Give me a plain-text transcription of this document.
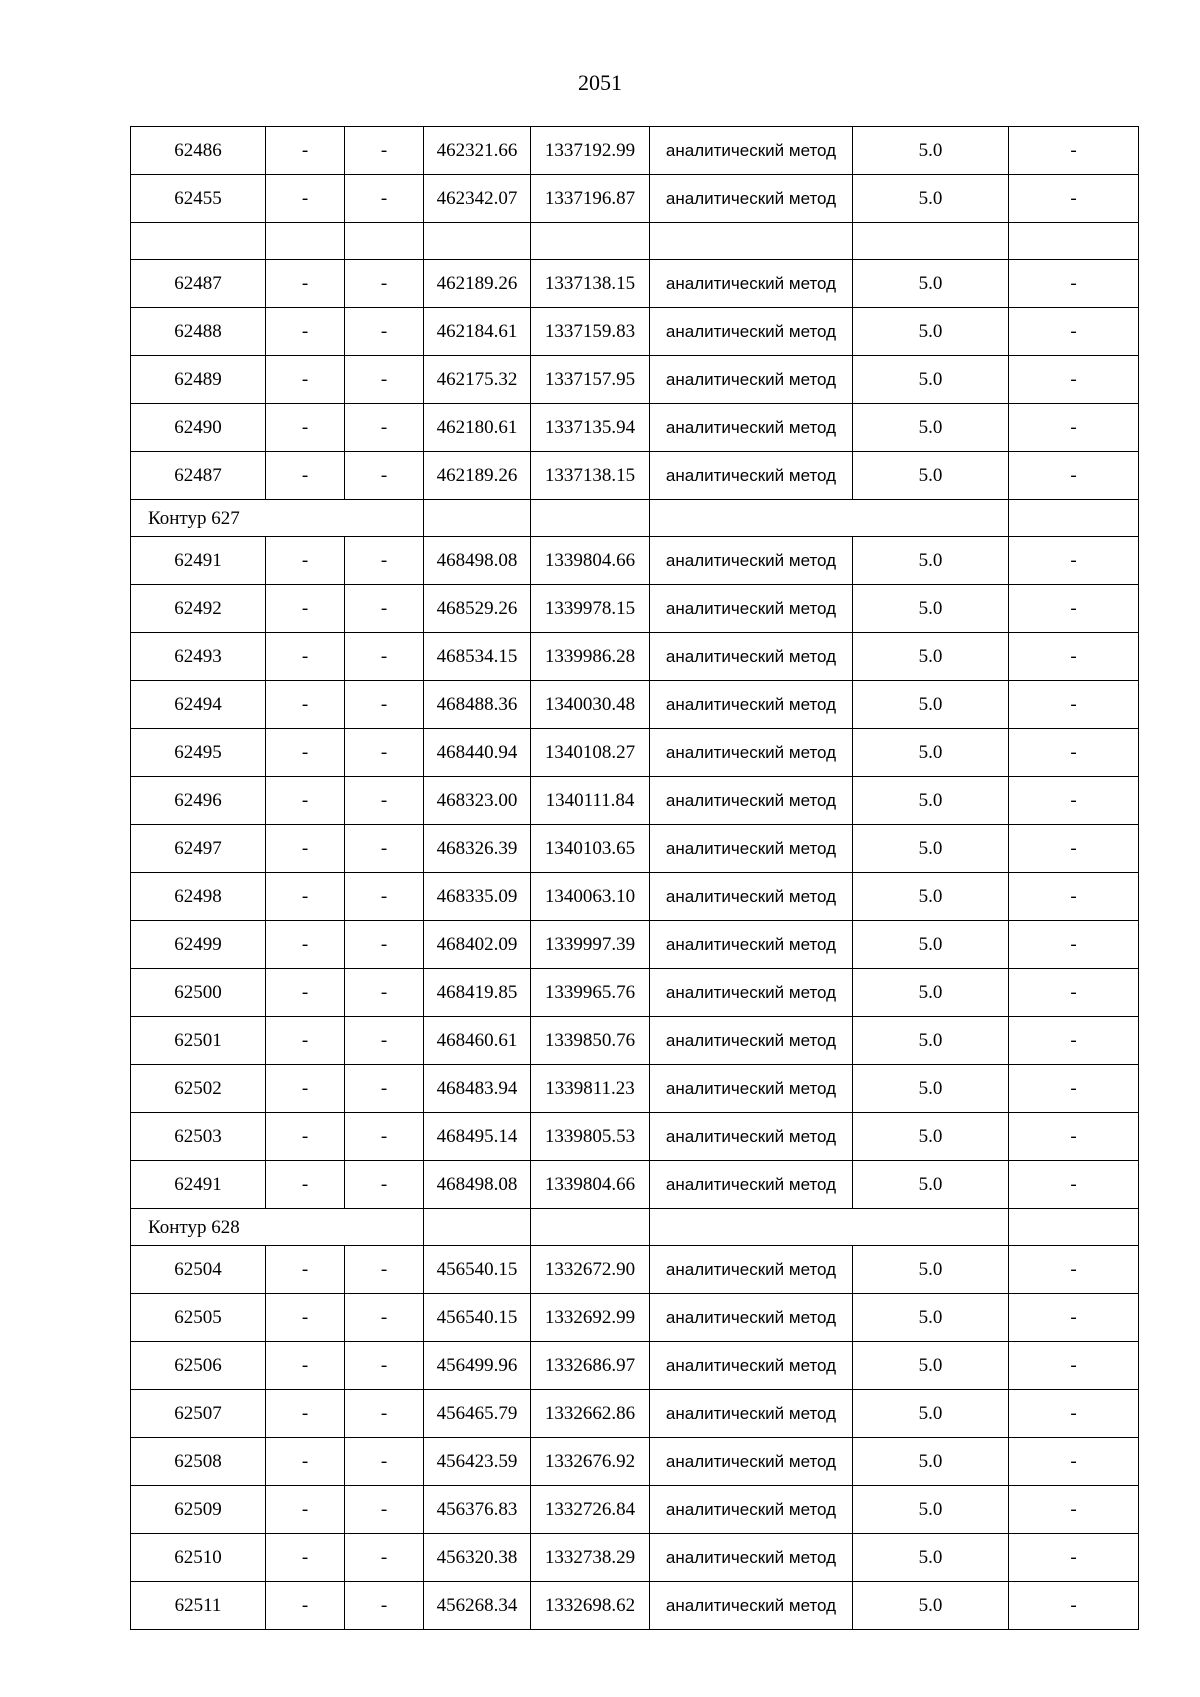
2051
62486	-	-	462321.66	1337192.99	аналитический метод	5.0	-
62455	-	-	462342.07	1337196.87	аналитический метод	5.0	-

62487	-	-	462189.26	1337138.15	аналитический метод	5.0	-
62488	-	-	462184.61	1337159.83	аналитический метод	5.0	-
62489	-	-	462175.32	1337157.95	аналитический метод	5.0	-
62490	-	-	462180.61	1337135.94	аналитический метод	5.0	-
62487	-	-	462189.26	1337138.15	аналитический метод	5.0	-
Контур 627							
62491	-	-	468498.08	1339804.66	аналитический метод	5.0	-
62492	-	-	468529.26	1339978.15	аналитический метод	5.0	-
62493	-	-	468534.15	1339986.28	аналитический метод	5.0	-
62494	-	-	468488.36	1340030.48	аналитический метод	5.0	-
62495	-	-	468440.94	1340108.27	аналитический метод	5.0	-
62496	-	-	468323.00	1340111.84	аналитический метод	5.0	-
62497	-	-	468326.39	1340103.65	аналитический метод	5.0	-
62498	-	-	468335.09	1340063.10	аналитический метод	5.0	-
62499	-	-	468402.09	1339997.39	аналитический метод	5.0	-
62500	-	-	468419.85	1339965.76	аналитический метод	5.0	-
62501	-	-	468460.61	1339850.76	аналитический метод	5.0	-
62502	-	-	468483.94	1339811.23	аналитический метод	5.0	-
62503	-	-	468495.14	1339805.53	аналитический метод	5.0	-
62491	-	-	468498.08	1339804.66	аналитический метод	5.0	-
Контур 628							
62504	-	-	456540.15	1332672.90	аналитический метод	5.0	-
62505	-	-	456540.15	1332692.99	аналитический метод	5.0	-
62506	-	-	456499.96	1332686.97	аналитический метод	5.0	-
62507	-	-	456465.79	1332662.86	аналитический метод	5.0	-
62508	-	-	456423.59	1332676.92	аналитический метод	5.0	-
62509	-	-	456376.83	1332726.84	аналитический метод	5.0	-
62510	-	-	456320.38	1332738.29	аналитический метод	5.0	-
62511	-	-	456268.34	1332698.62	аналитический метод	5.0	-
